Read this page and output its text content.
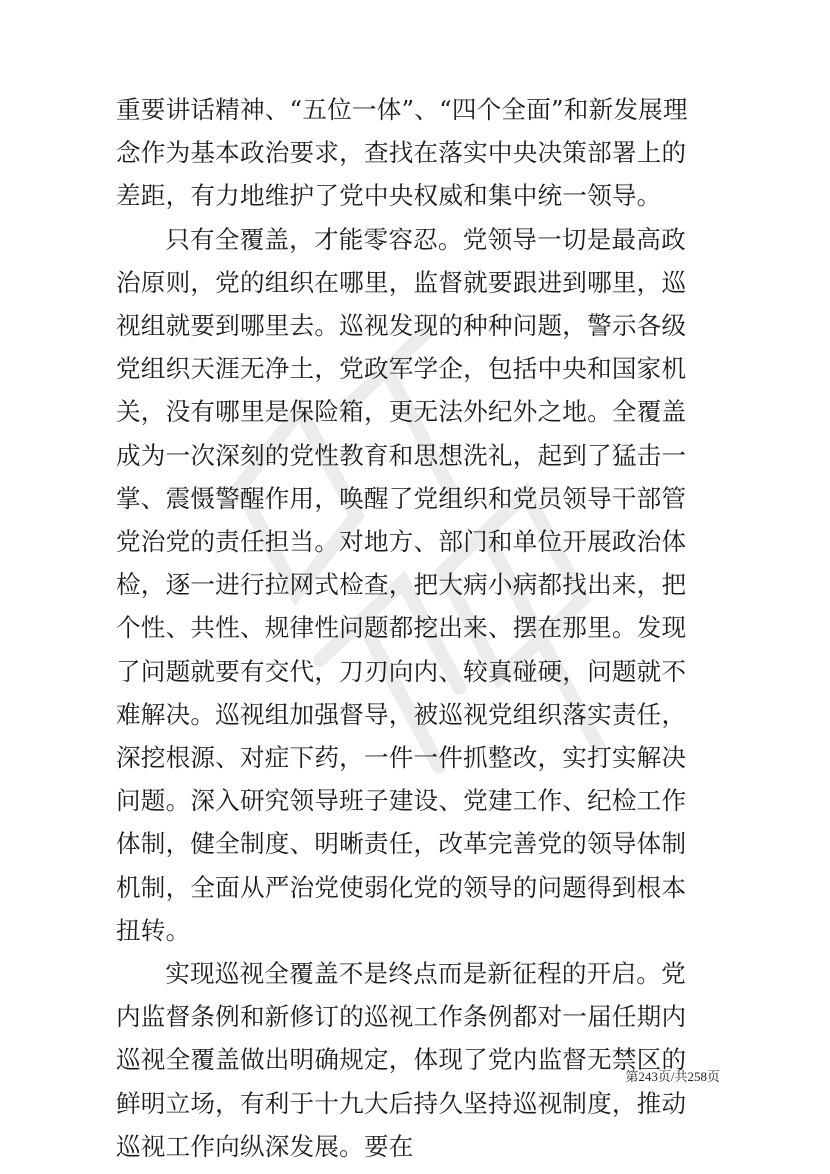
重要讲话精神、“五位一体”、“四个全面”和新发展理念作为基本政治要求，查找在落实中央决策部署上的差距，有力地维护了党中央权威和集中统一领导。

只有全覆盖，才能零容忍。党领导一切是最高政治原则，党的组织在哪里，监督就要跟进到哪里，巡视组就要到哪里去。巡视发现的种种问题，警示各级党组织天涯无净土，党政军学企，包括中央和国家机关，没有哪里是保险箱，更无法外纪外之地。全覆盖成为一次深刻的党性教育和思想洗礼，起到了猛击一掌、震慑警醒作用，唤醒了党组织和党员领导干部管党治党的责任担当。对地方、部门和单位开展政治体检，逐一进行拉网式检查，把大病小病都找出来，把个性、共性、规律性问题都挖出来、摆在那里。发现了问题就要有交代，刀刃向内、较真碰硬，问题就不难解决。巡视组加强督导，被巡视党组织落实责任，深挖根源、对症下药，一件一件抓整改，实打实解决问题。深入研究领导班子建设、党建工作、纪检工作体制，健全制度、明晰责任，改革完善党的领导体制机制，全面从严治党使弱化党的领导的问题得到根本扭转。

实现巡视全覆盖不是终点而是新征程的开启。党内监督条例和新修订的巡视工作条例都对一届任期内巡视全覆盖做出明确规定，体现了党内监督无禁区的鲜明立场，有利于十九大后持久坚持巡视制度，推动巡视工作向纵深发展。要在

第243页/共258页
